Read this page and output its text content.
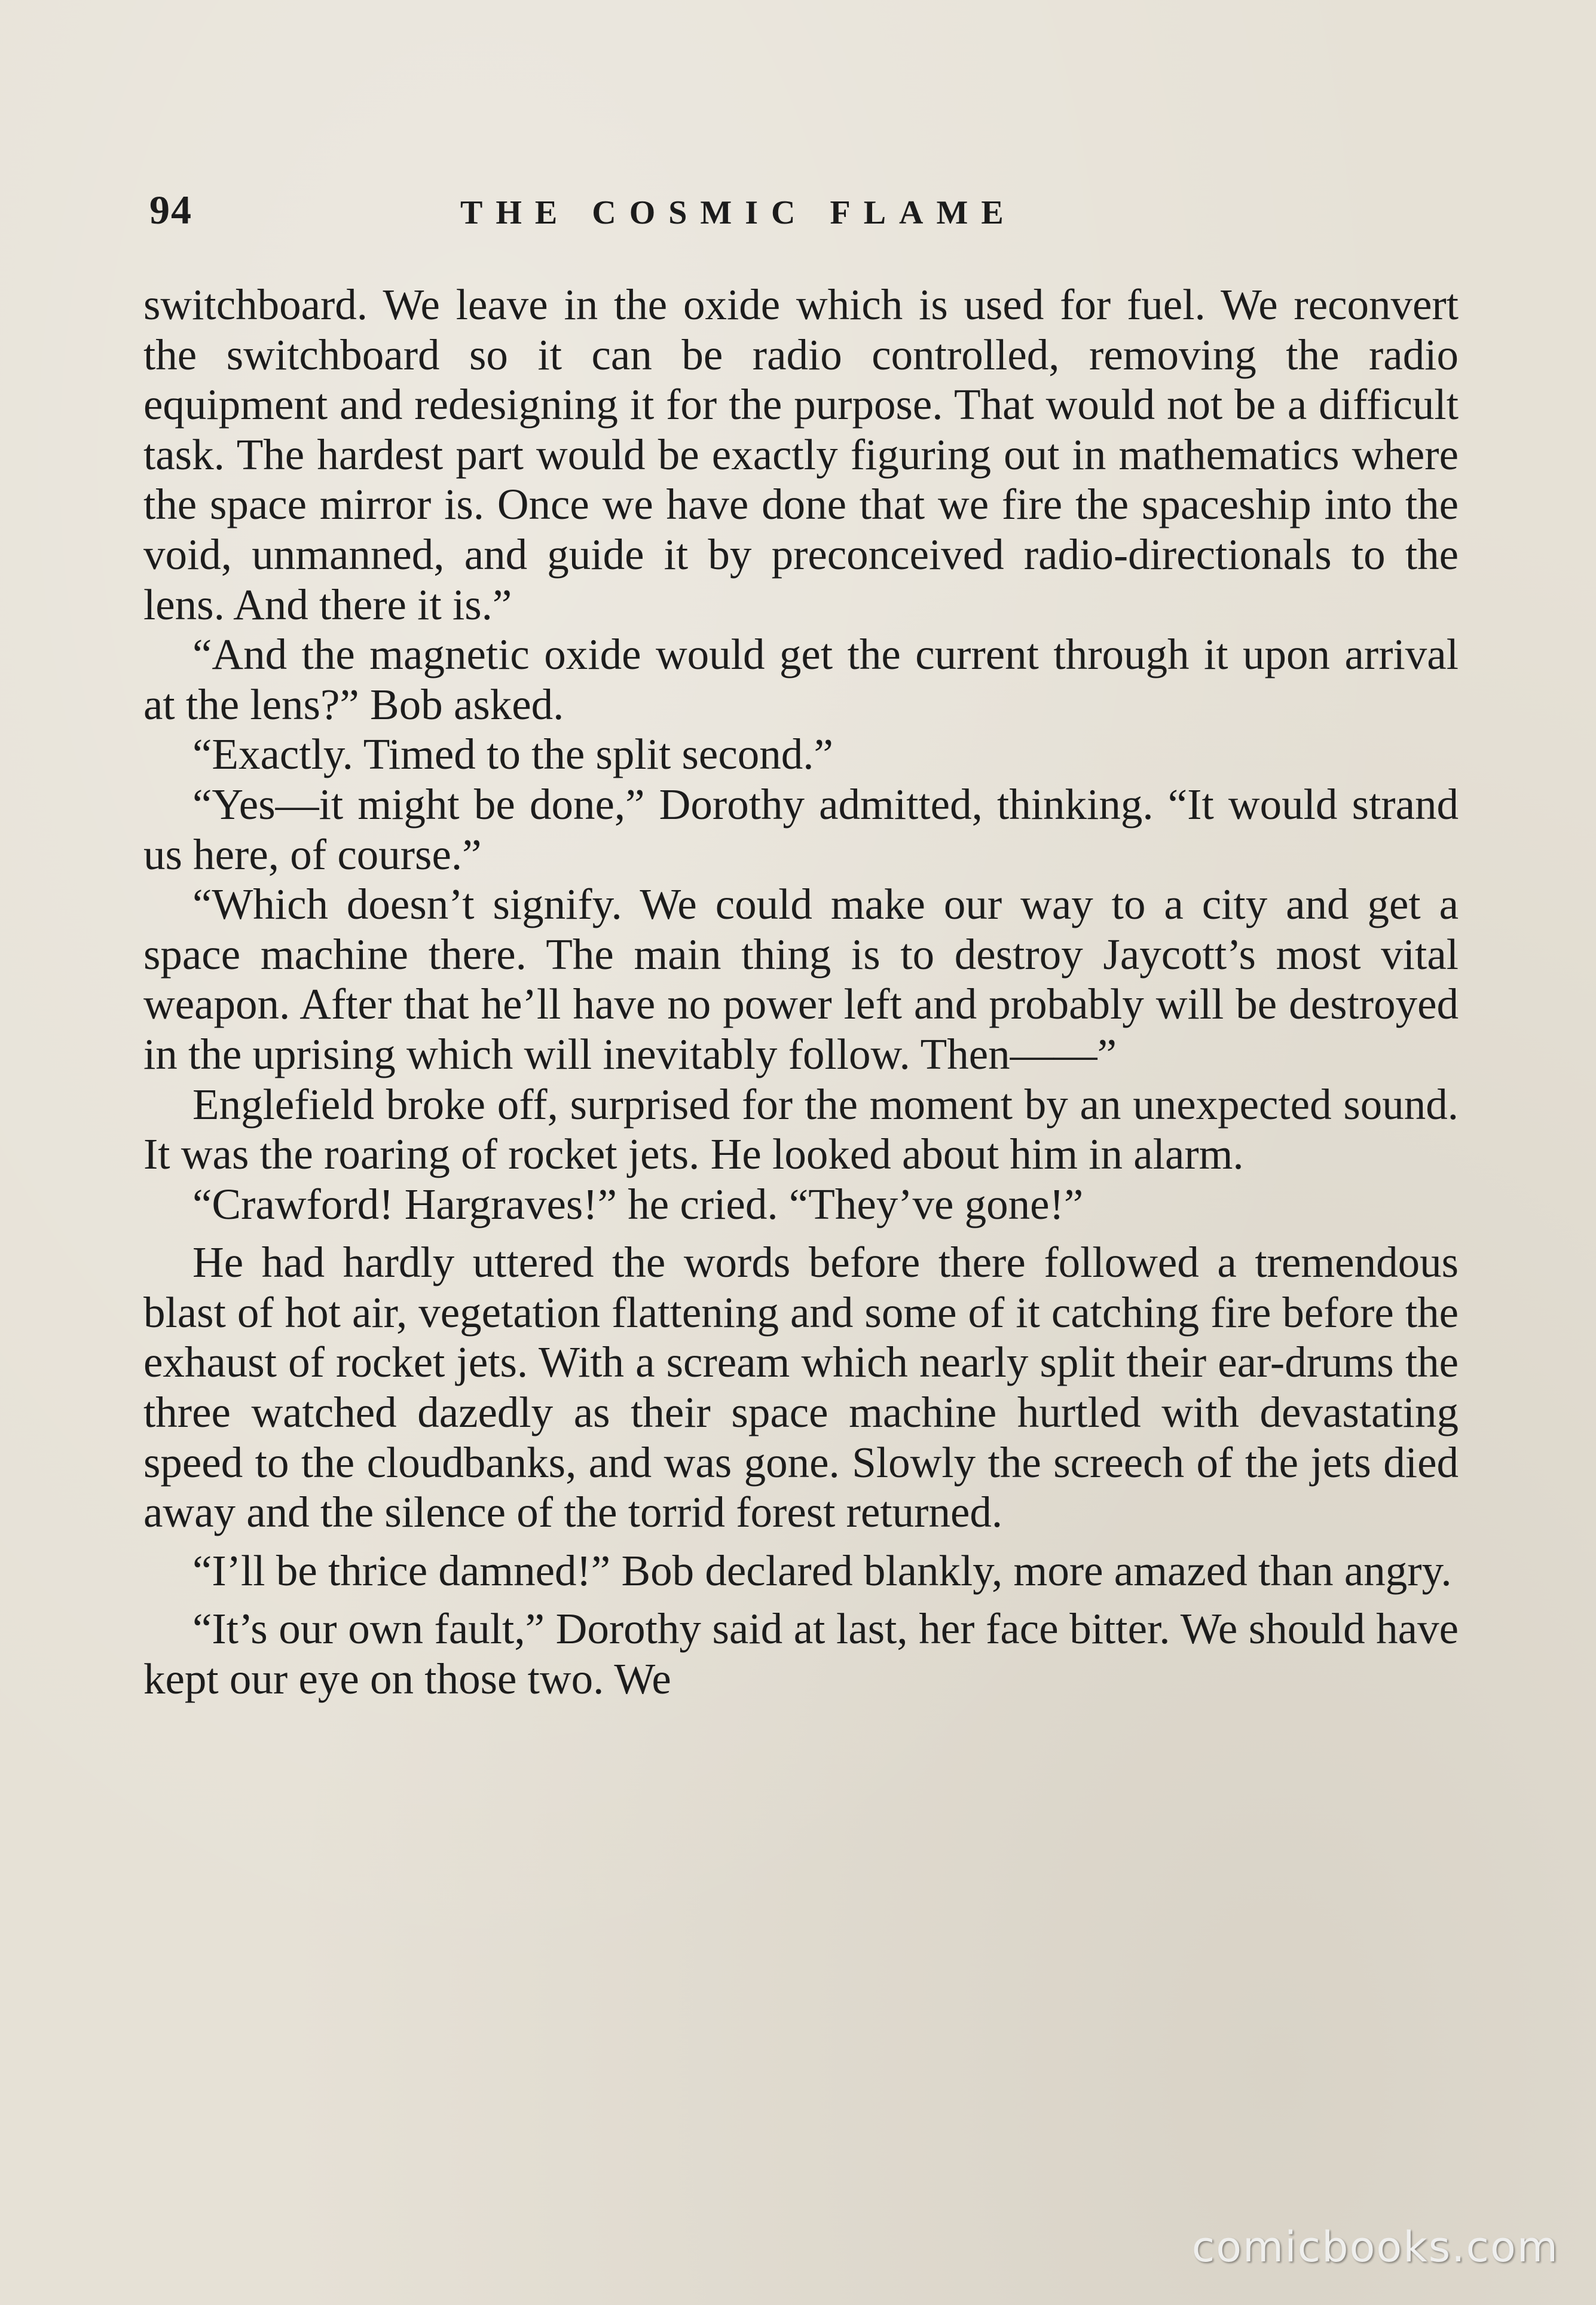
94	THE COSMIC FLAME

switchboard. We leave in the oxide which is used for fuel. We reconvert the switchboard so it can be radio controlled, removing the radio equipment and redesigning it for the purpose. That would not be a difficult task. The hardest part would be exactly figuring out in mathematics where the space mirror is. Once we have done that we fire the spaceship into the void, unmanned, and guide it by preconceived radio-directionals to the lens. And there it is.”

“And the magnetic oxide would get the current through it upon arrival at the lens?” Bob asked.

“Exactly. Timed to the split second.”

“Yes—it might be done,” Dorothy admitted, thinking. “It would strand us here, of course.”

“Which doesn’t signify. We could make our way to a city and get a space machine there. The main thing is to destroy Jaycott’s most vital weapon. After that he’ll have no power left and probably will be destroyed in the uprising which will inevitably follow. Then——”

Englefield broke off, surprised for the moment by an unexpected sound. It was the roaring of rocket jets. He looked about him in alarm.

“Crawford! Hargraves!” he cried. “They’ve gone!”

He had hardly uttered the words before there followed a tremendous blast of hot air, vegetation flattening and some of it catching fire before the exhaust of rocket jets. With a scream which nearly split their ear-drums the three watched dazedly as their space machine hurtled with devastating speed to the cloudbanks, and was gone. Slowly the screech of the jets died away and the silence of the torrid forest returned.

“I’ll be thrice damned!” Bob declared blankly, more amazed than angry.

“It’s our own fault,” Dorothy said at last, her face bitter. We should have kept our eye on those two. We

comicbooks.com
